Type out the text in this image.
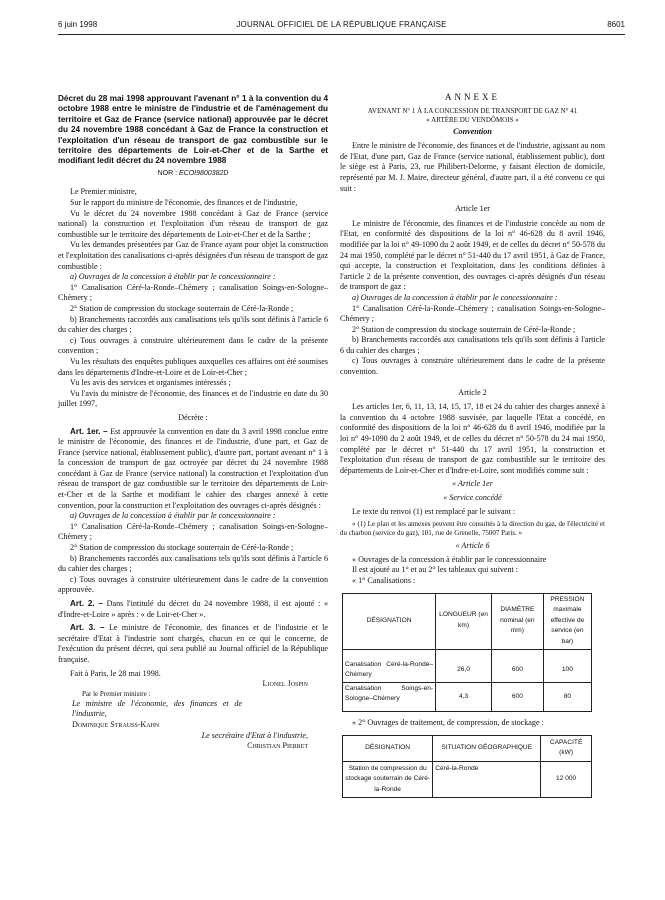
6 juin 1998	JOURNAL OFFICIEL DE LA RÉPUBLIQUE FRANÇAISE	8601

Décret du 28 mai 1998 approuvant l'avenant n° 1 à la convention du 4 octobre 1988 entre le ministre de l'industrie et de l'aménagement du territoire et Gaz de France (service national) approuvée par le décret du 24 novembre 1988 concédant à Gaz de France la construction et l'exploitation d'un réseau de transport de gaz combustible sur le territoire des départements de Loir-et-Cher et de la Sarthe et modifiant ledit décret du 24 novembre 1988

NOR : ECOI9800382D

Le Premier ministre,

Sur le rapport du ministre de l'économie, des finances et de l'industrie,

Vu le décret du 24 novembre 1988 concédant à Gaz de France (service national) la construction et l'exploitation d'un réseau de transport de gaz combustible sur le territoire des départements de Loir-et-Cher et de la Sarthe ;

Vu les demandes présentées par Gaz de France ayant pour objet la construction et l'exploitation des canalisations ci-après désignées d'un réseau de transport de gaz combustible :

a) Ouvrages de la concession à établir par le concessionnaire :

1° Canalisation Céré-la-Ronde–Chémery ; canalisation Soings-en-Sologne–Chémery ;

2° Station de compression du stockage souterrain de Céré-la-Ronde ;

b) Branchements raccordés aux canalisations tels qu'ils sont définis à l'article 6 du cahier des charges ;

c) Tous ouvrages à construire ultérieurement dans le cadre de la présente convention ;

Vu les résultats des enquêtes publiques auxquelles ces affaires ont été soumises dans les départements d'Indre-et-Loire et de Loir-et-Cher ;

Vu les avis des services et organismes intéressés ;

Vu l'avis du ministre de l'économie, des finances et de l'industrie en date du 30 juillet 1997,

Décrète :

Art. 1er. – Est approuvée la convention en date du 3 avril 1998 conclue entre le ministre de l'économie, des finances et de l'industrie, d'une part, et Gaz de France (service national, établissement public), d'autre part, portant avenant n° 1 à la concession de transport de gaz octroyée par décret du 24 novembre 1988 concédant à Gaz de France (service national) la construction et l'exploitation d'un réseau de transport de gaz combustible sur le territoire des départements de Loir-et-Cher et de la Sarthe et modifiant le cahier des charges annexé à cette convention, pour la construction et l'exploitation des ouvrages ci-après désignés :

a) Ouvrages de la concession à établir par le concessionnaire :

1° Canalisation Céré-la-Ronde–Chémery ; canalisation Soings-en-Sologne–Chémery ;

2° Station de compression du stockage souterrain de Céré-la-Ronde ;

b) Branchements raccordés aux canalisations tels qu'ils sont définis à l'article 6 du cahier des charges ;

c) Tous ouvrages à construire ultérieurement dans le cadre de la convention approuvée.

Art. 2. – Dans l'intitulé du décret du 24 novembre 1988, il est ajouté : « d'Indre-et-Loire » après : « de Loir-et-Cher ».

Art. 3. – Le ministre de l'économie, des finances et de l'industrie et le secrétaire d'Etat à l'industrie sont chargés, chacun en ce qui le concerne, de l'exécution du présent décret, qui sera publié au Journal officiel de la République française.

Fait à Paris, le 28 mai 1998.

Lionel Jospin

Par le Premier ministre :

Le ministre de l'économie, des finances et de l'industrie,

Dominique Strauss-Kahn

Le secrétaire d'Etat à l'industrie,

Christian Pierret

ANNEXE

AVENANT N° 1 À LA CONCESSION DE TRANSPORT DE GAZ N° 41

« ARTÈRE DU VENDÔMOIS »

Convention

Entre le ministre de l'économie, des finances et de l'industrie, agissant au nom de l'Etat, d'une part, Gaz de France (service national, établissement public), dont le siège est à Paris, 23, rue Philibert-Delorme, y faisant élection de domicile, représenté par M. J. Maire, directeur général, d'autre part, il a été convenu ce qui suit :

Article 1er

Le ministre de l'économie, des finances et de l'industrie concède au nom de l'Etat, en conformité des dispositions de la loi n° 46-628 du 8 avril 1946, modifiée par la loi n° 49-1090 du 2 août 1949, et de celles du décret n° 50-578 du 24 mai 1950, complété par le décret n° 51-440 du 17 avril 1951, à Gaz de France, qui accepte, la construction et l'exploitation, dans les conditions définies à l'article 2 de la présente convention, des ouvrages ci-après désignés d'un réseau de transport de gaz :

a) Ouvrages de la concession à établir par le concessionnaire :

1° Canalisation Céré-la-Ronde–Chémery ; canalisation Soings-en-Sologne–Chémery ;

2° Station de compression du stockage souterrain de Céré-la-Ronde ;

b) Branchements raccordés aux canalisations tels qu'ils sont définis à l'article 6 du cahier des charges ;

c) Tous ouvrages à construire ultérieurement dans le cadre de la présente convention.

Article 2

Les articles 1er, 6, 11, 13, 14, 15, 17, 18 et 24 du cahier des charges annexé à la convention du 4 octobre 1988 susvisée, par laquelle l'Etat a concédé, en conformité des dispositions de la loi n° 46-628 du 8 avril 1946, modifiée par la loi n° 49-1090 du 2 août 1949, et de celles du décret n° 50-578 du 24 mai 1950, complété par le décret n° 51-440 du 17 avril 1951, la construction et l'exploitation d'un réseau de transport de gaz combustible sur le territoire des départements de Loir-et-Cher et d'Indre-et-Loire, sont modifiés comme suit :

« Article 1er

« Service concédé

Le texte du renvoi (1) est remplacé par le suivant :

« (1) Le plan et les annexes peuvent être consultés à la direction du gaz, de l'électricité et du charbon (service du gaz), 101, rue de Grenelle, 75007 Paris. »

« Article 6

« Ouvrages de la concession à établir par le concessionnaire

Il est ajouté au 1° et au 2° les tableaux qui suivent :

« 1° Canalisations :

DÉSIGNATION	LONGUEUR (en km)	DIAMÈTRE nominal (en mm)	PRESSION maximale effective de service (en bar)
Canalisation Céré-la-Ronde–Chémery	26,0	600	100
Canalisation Soings-en-Sologne–Chémery	4,3	600	80

« 2° Ouvrages de traitement, de compression, de stockage :

DÉSIGNATION	SITUATION GÉOGRAPHIQUE	CAPACITÉ (kW)
Station de compression du stockage souterrain de Céré-la-Ronde	Céré-la-Ronde	12 000
